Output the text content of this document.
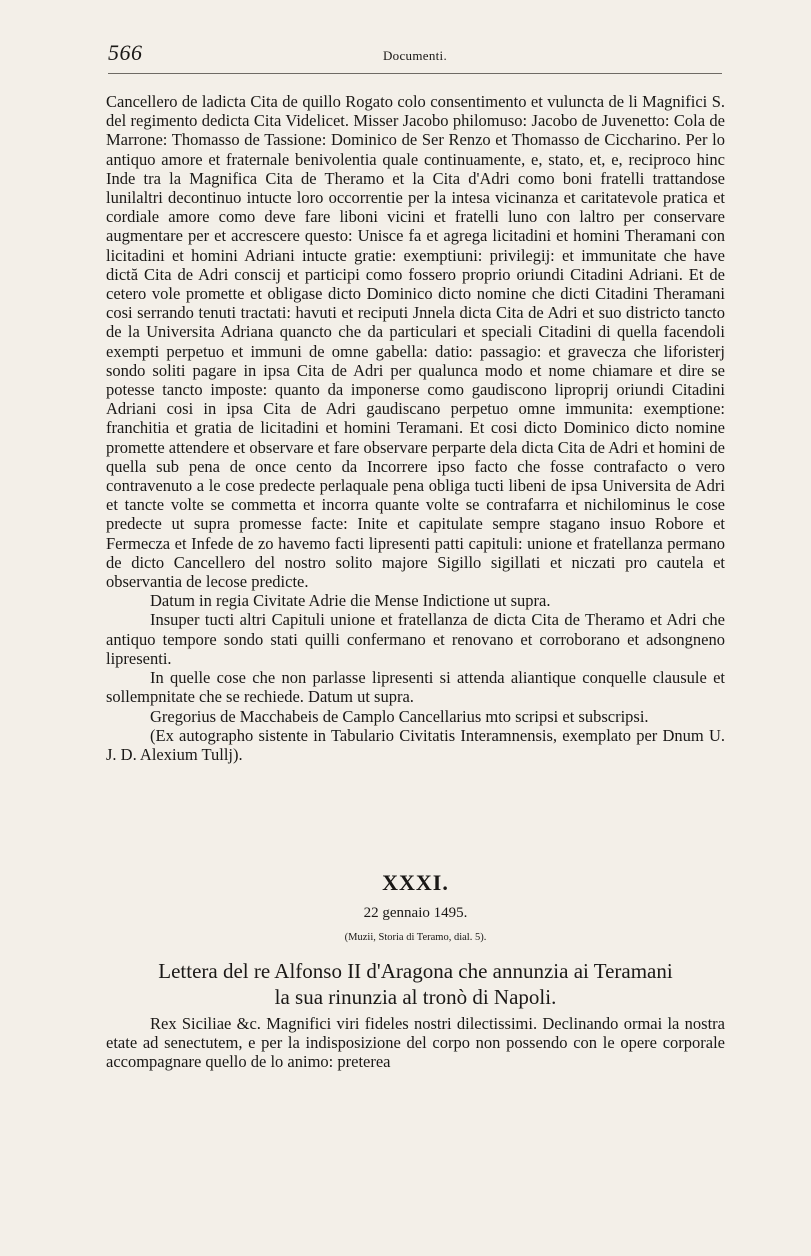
566	Documenti.

Cancellero de ladicta Cita de quillo Rogato colo consentimento et vuluncta de li Magnifici S. del regimento dedicta Cita Videlicet. Misser Jacobo philomuso: Jacobo de Juvenetto: Cola de Marrone: Thomasso de Tassione: Dominico de Ser Renzo et Thomasso de Ciccharino. Per lo antiquo amore et fraternale benivolentia quale continuamente, e, stato, et, e, reciproco hinc Inde tra la Magnifica Cita de Theramo et la Cita d'Adri como boni fratelli trattandose lunilaltri decontinuo intucte loro occorrentie per la intesa vicinanza et caritatevole pratica et cordiale amore como deve fare liboni vicini et fratelli luno con laltro per conservare augmentare per et accrescere questo: Unisce fa et agrega licitadini et homini Theramani con licitadini et homini Adriani intucte gratie: exemptiuni: privilegij: et immunitate che have dictă Cita de Adri conscij et participi como fossero proprio oriundi Citadini Adriani. Et de cetero vole promette et obligase dicto Dominico dicto nomine che dicti Citadini Theramani cosi serrando tenuti tractati: havuti et reciputi Jnnela dicta Cita de Adri et suo districto tancto de la Universita Adriana quancto che da particulari et speciali Citadini di quella facendoli exempti perpetuo et immuni de omne gabella: datio: passagio: et gravecza che liforisterj sondo soliti pagare in ipsa Cita de Adri per qualunca modo et nome chiamare et dire se potesse tancto imposte: quanto da imponerse como gaudiscono liproprij oriundi Citadini Adriani cosi in ipsa Cita de Adri gaudiscano perpetuo omne immunita: exemptione: franchitia et gratia de licitadini et homini Teramani. Et cosi dicto Dominico dicto nomine promette attendere et observare et fare observare perparte dela dicta Cita de Adri et homini de quella sub pena de once cento da Incorrere ipso facto che fosse contrafacto o vero contravenuto a le cose predecte perlaquale pena obliga tucti libeni de ipsa Universita de Adri et tancte volte se commetta et incorra quante volte se contrafarra et nichilominus le cose predecte ut supra promesse facte: Inite et capitulate sempre stagano insuo Robore et Fermecza et Infede de zo havemo facti lipresenti patti capituli: unione et fratellanza permano de dicto Cancellero del nostro solito majore Sigillo sigillati et niczati pro cautela et observantia de lecose predicte.

Datum in regia Civitate Adrie die Mense Indictione ut supra.

Insuper tucti altri Capituli unione et fratellanza de dicta Cita de Theramo et Adri che antiquo tempore sondo stati quilli confermano et renovano et corroborano et adsongneno lipresenti.

In quelle cose che non parlasse lipresenti si attenda aliantique conquelle clausule et sollempnitate che se rechiede. Datum ut supra.

Gregorius de Macchabeis de Camplo Cancellarius mto scripsi et subscripsi.

(Ex autographo sistente in Tabulario Civitatis Interamnensis, exemplato per Dnum U. J. D. Alexium Tullj).

XXXI.
22 gennaio 1495.
(Muzii, Storia di Teramo, dial. 5).
Lettera del re Alfonso II d'Aragona che annunzia ai Teramani
la sua rinunzia al tronò di Napoli.

Rex Siciliae &c. Magnifici viri fideles nostri dilectissimi. Declinando ormai la nostra etate ad senectutem, e per la indisposizione del corpo non possendo con le opere corporale accompagnare quello de lo animo: preterea
